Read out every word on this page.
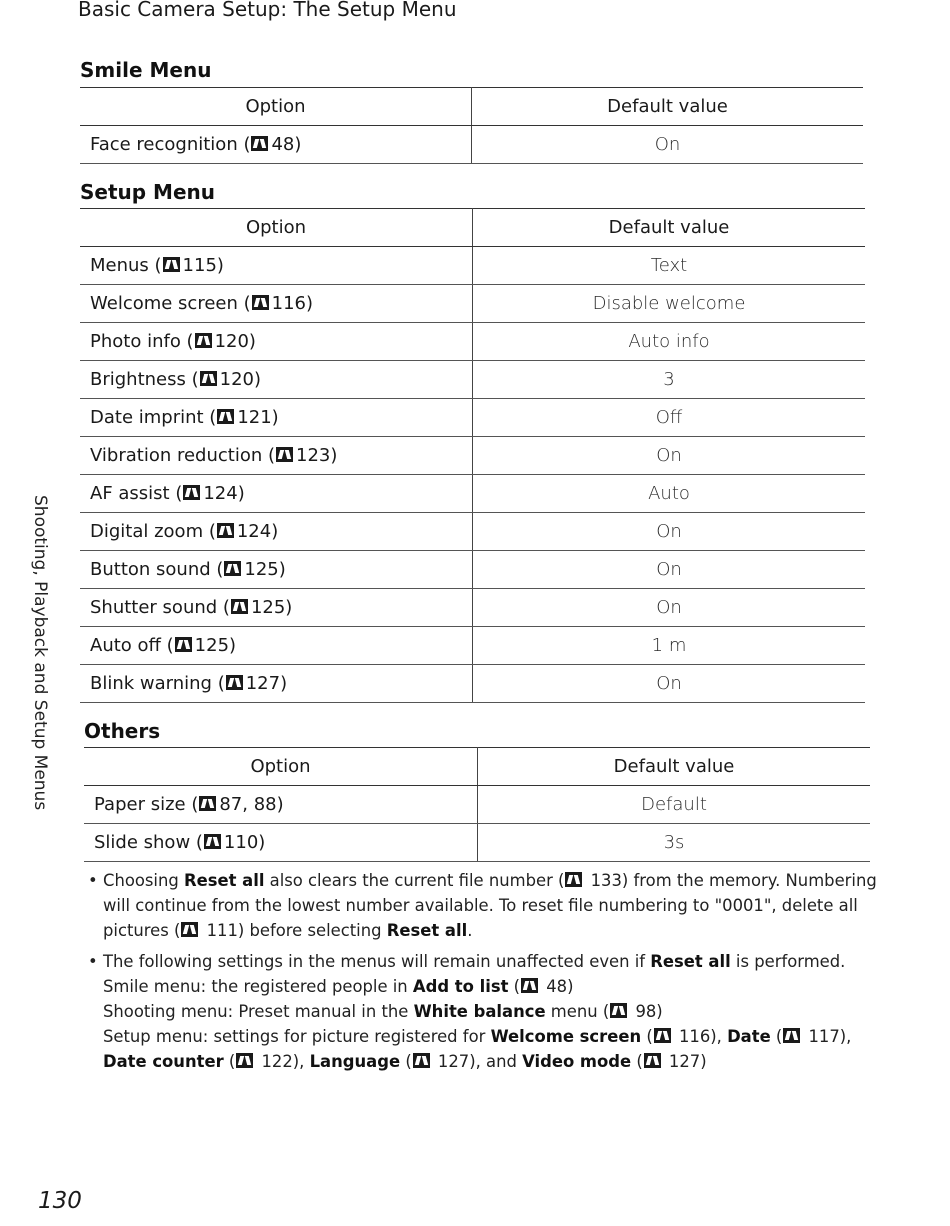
Basic Camera Setup: The Setup Menu
Shooting, Playback and Setup Menus
Smile Menu
Option	Default value
Face recognition ( 48)	On
Setup Menu
Option	Default value
Menus ( 115)	Text
Welcome screen ( 116)	Disable welcome
Photo info ( 120)	Auto info
Brightness ( 120)	3
Date imprint ( 121)	Off
Vibration reduction ( 123)	On
AF assist ( 124)	Auto
Digital zoom ( 124)	On
Button sound ( 125)	On
Shutter sound ( 125)	On
Auto off ( 125)	1 m
Blink warning ( 127)	On
Others
Option	Default value
Paper size ( 87, 88)	Default
Slide show ( 110)	3s
• Choosing Reset all also clears the current file number ( 133) from the memory. Numbering will continue from the lowest number available. To reset file numbering to "0001", delete all pictures ( 111) before selecting Reset all.
• The following settings in the menus will remain unaffected even if Reset all is performed.
Smile menu: the registered people in Add to list ( 48)
Shooting menu: Preset manual in the White balance menu ( 98)
Setup menu: settings for picture registered for Welcome screen ( 116), Date ( 117), Date counter ( 122), Language ( 127), and Video mode ( 127)
130
